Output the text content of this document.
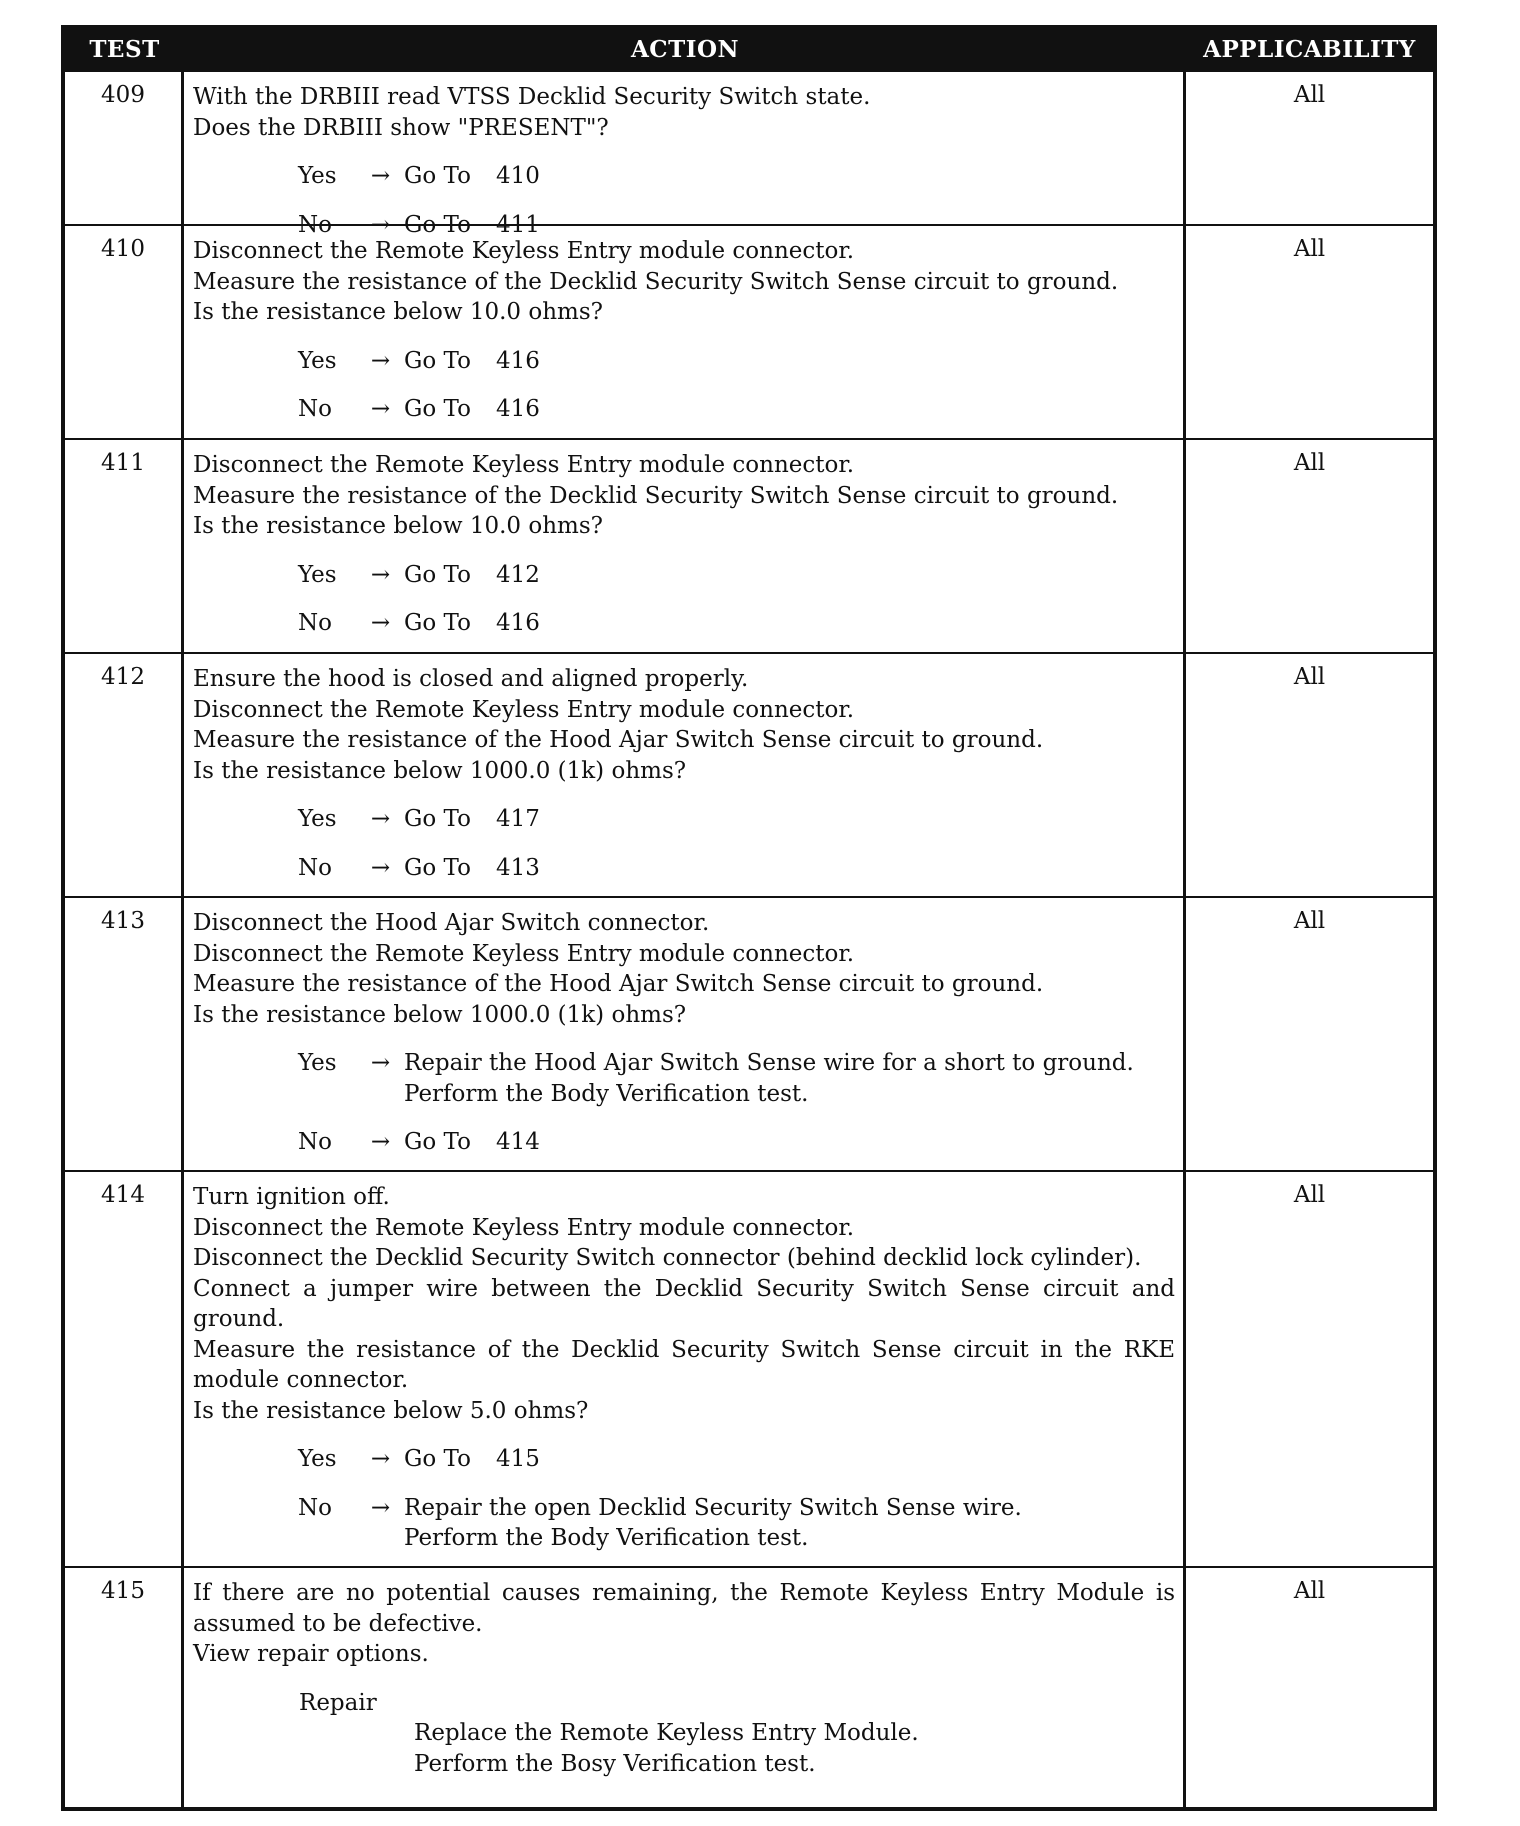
TEST	ACTION	APPLICABILITY
409	With the DRBIII read VTSS Decklid Security Switch state.

Does the DRBIII show "PRESENT"?

Yes	→ Go To 410
No	→ Go To 411
All
410	Disconnect the Remote Keyless Entry module connector.

Measure the resistance of the Decklid Security Switch Sense circuit to ground.

Is the resistance below 10.0 ohms?

Yes	→ Go To 416
No	→ Go To 416
All
411	Disconnect the Remote Keyless Entry module connector.

Measure the resistance of the Decklid Security Switch Sense circuit to ground.

Is the resistance below 10.0 ohms?

Yes	→ Go To 412
No	→ Go To 416
All
412	Ensure the hood is closed and aligned properly.

Disconnect the Remote Keyless Entry module connector.

Measure the resistance of the Hood Ajar Switch Sense circuit to ground.

Is the resistance below 1000.0 (1k) ohms?

Yes	→ Go To 417
No	→ Go To 413
All
413	Disconnect the Hood Ajar Switch connector.

Disconnect the Remote Keyless Entry module connector.

Measure the resistance of the Hood Ajar Switch Sense circuit to ground.

Is the resistance below 1000.0 (1k) ohms?

Yes	→ Repair the Hood Ajar Switch Sense wire for a short to ground.
Perform the Body Verification test.
No	→ Go To 414
All
414	Turn ignition off.

Disconnect the Remote Keyless Entry module connector.

Disconnect the Decklid Security Switch connector (behind decklid lock cylinder).

Connect a jumper wire between the Decklid Security Switch Sense circuit and

ground.

Measure the resistance of the Decklid Security Switch Sense circuit in the RKE

module connector.

Is the resistance below 5.0 ohms?

Yes	→ Go To 415
No	→ Repair the open Decklid Security Switch Sense wire.
Perform the Body Verification test.
All
415	If there are no potential causes remaining, the Remote Keyless Entry Module is

assumed to be defective.

View repair options.

Repair
Replace the Remote Keyless Entry Module.
Perform the Bosy Verification test.
All
